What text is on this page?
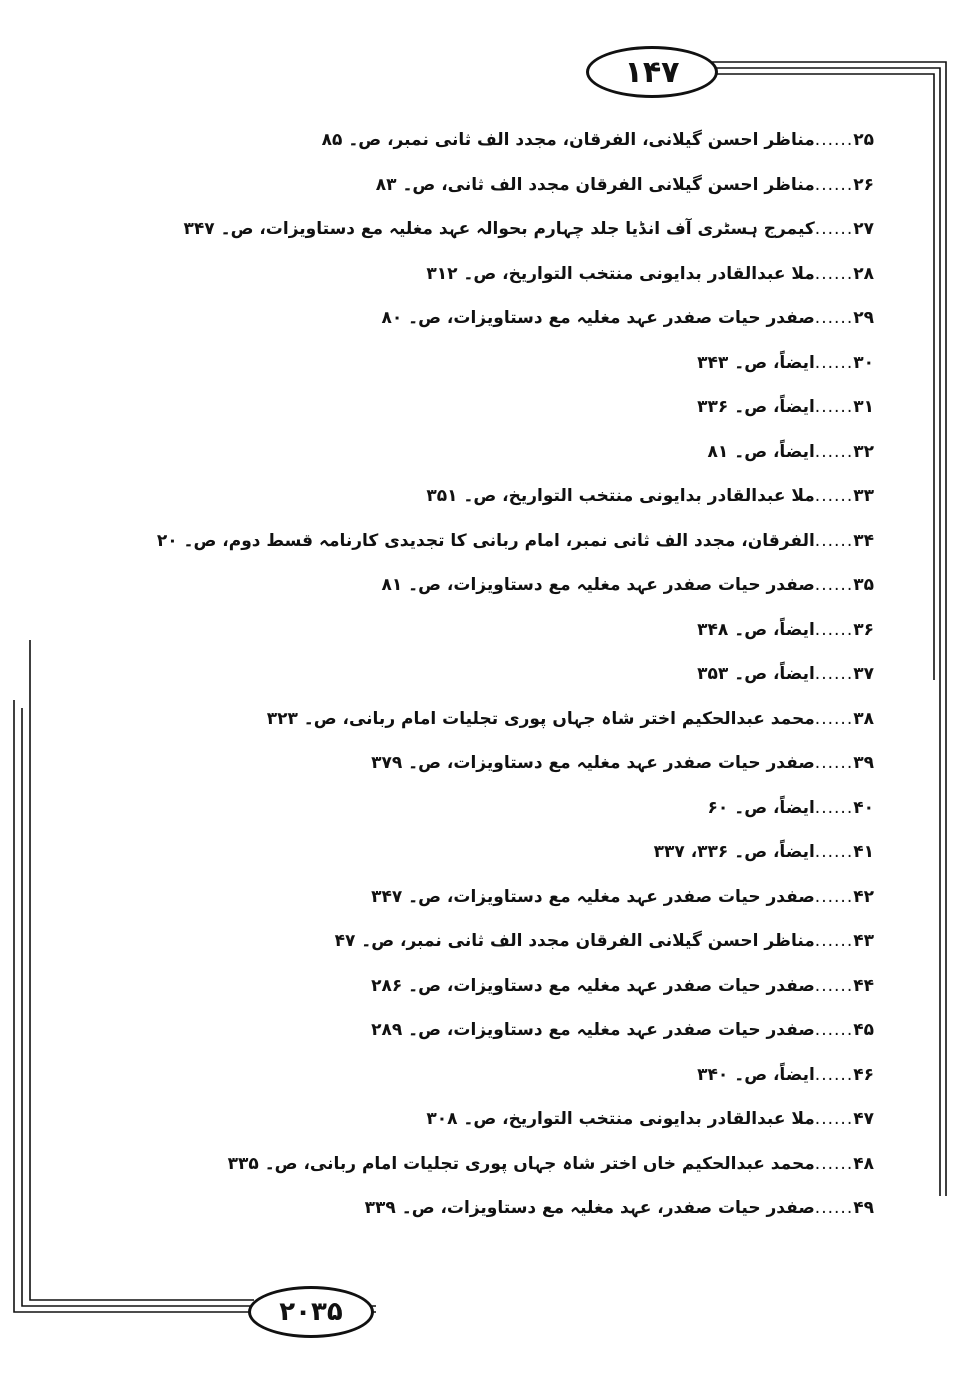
۱۴۷
۲۰۳۵
۲۵......مناظر احسن گیلانی، الفرقان، مجدد الف ثانی نمبر، ص۔ ۸۵
۲۶......مناظر احسن گیلانی الفرقان مجدد الف ثانی، ص۔ ۸۳
۲۷......کیمرج ہسٹری آف انڈیا جلد چہارم بحوالہ عہد مغلیہ مع دستاویزات، ص۔ ۳۴۷
۲۸......ملا عبدالقادر بدایونی منتخب التواریخ، ص۔ ۳۱۲
۲۹......صفدر حیات صفدر عہد مغلیہ مع دستاویزات، ص۔ ۸۰
۳۰......ایضاً، ص۔ ۳۴۳
۳۱......ایضاً، ص۔ ۳۳۶
۳۲......ایضاً، ص۔ ۸۱
۳۳......ملا عبدالقادر بدایونی منتخب التواریخ، ص۔ ۳۵۱
۳۴......الفرقان، مجدد الف ثانی نمبر، امام ربانی کا تجدیدی کارنامہ قسط دوم، ص۔ ۲۰
۳۵......صفدر حیات صفدر عہد مغلیہ مع دستاویزات، ص۔ ۸۱
۳۶......ایضاً، ص۔ ۳۴۸
۳۷......ایضاً، ص۔ ۳۵۳
۳۸......محمد عبدالحکیم اختر شاہ جہاں پوری تجلیات امام ربانی، ص۔ ۳۲۳
۳۹......صفدر حیات صفدر عہد مغلیہ مع دستاویزات، ص۔ ۳۷۹
۴۰......ایضاً، ص۔ ۶۰
۴۱......ایضاً، ص۔ ۳۳۶، ۳۳۷
۴۲......صفدر حیات صفدر عہد مغلیہ مع دستاویزات، ص۔ ۳۴۷
۴۳......مناظر احسن گیلانی الفرقان مجدد الف ثانی نمبر، ص۔ ۴۷
۴۴......صفدر حیات صفدر عہد مغلیہ مع دستاویزات، ص۔ ۲۸۶
۴۵......صفدر حیات صفدر عہد مغلیہ مع دستاویزات، ص۔ ۲۸۹
۴۶......ایضاً، ص۔ ۳۴۰
۴۷......ملا عبدالقادر بدایونی منتخب التواریخ، ص۔ ۳۰۸
۴۸......محمد عبدالحکیم خاں اختر شاہ جہاں پوری تجلیات امام ربانی، ص۔ ۳۳۵
۴۹......صفدر حیات صفدر، عہد مغلیہ مع دستاویزات، ص۔ ۳۳۹
